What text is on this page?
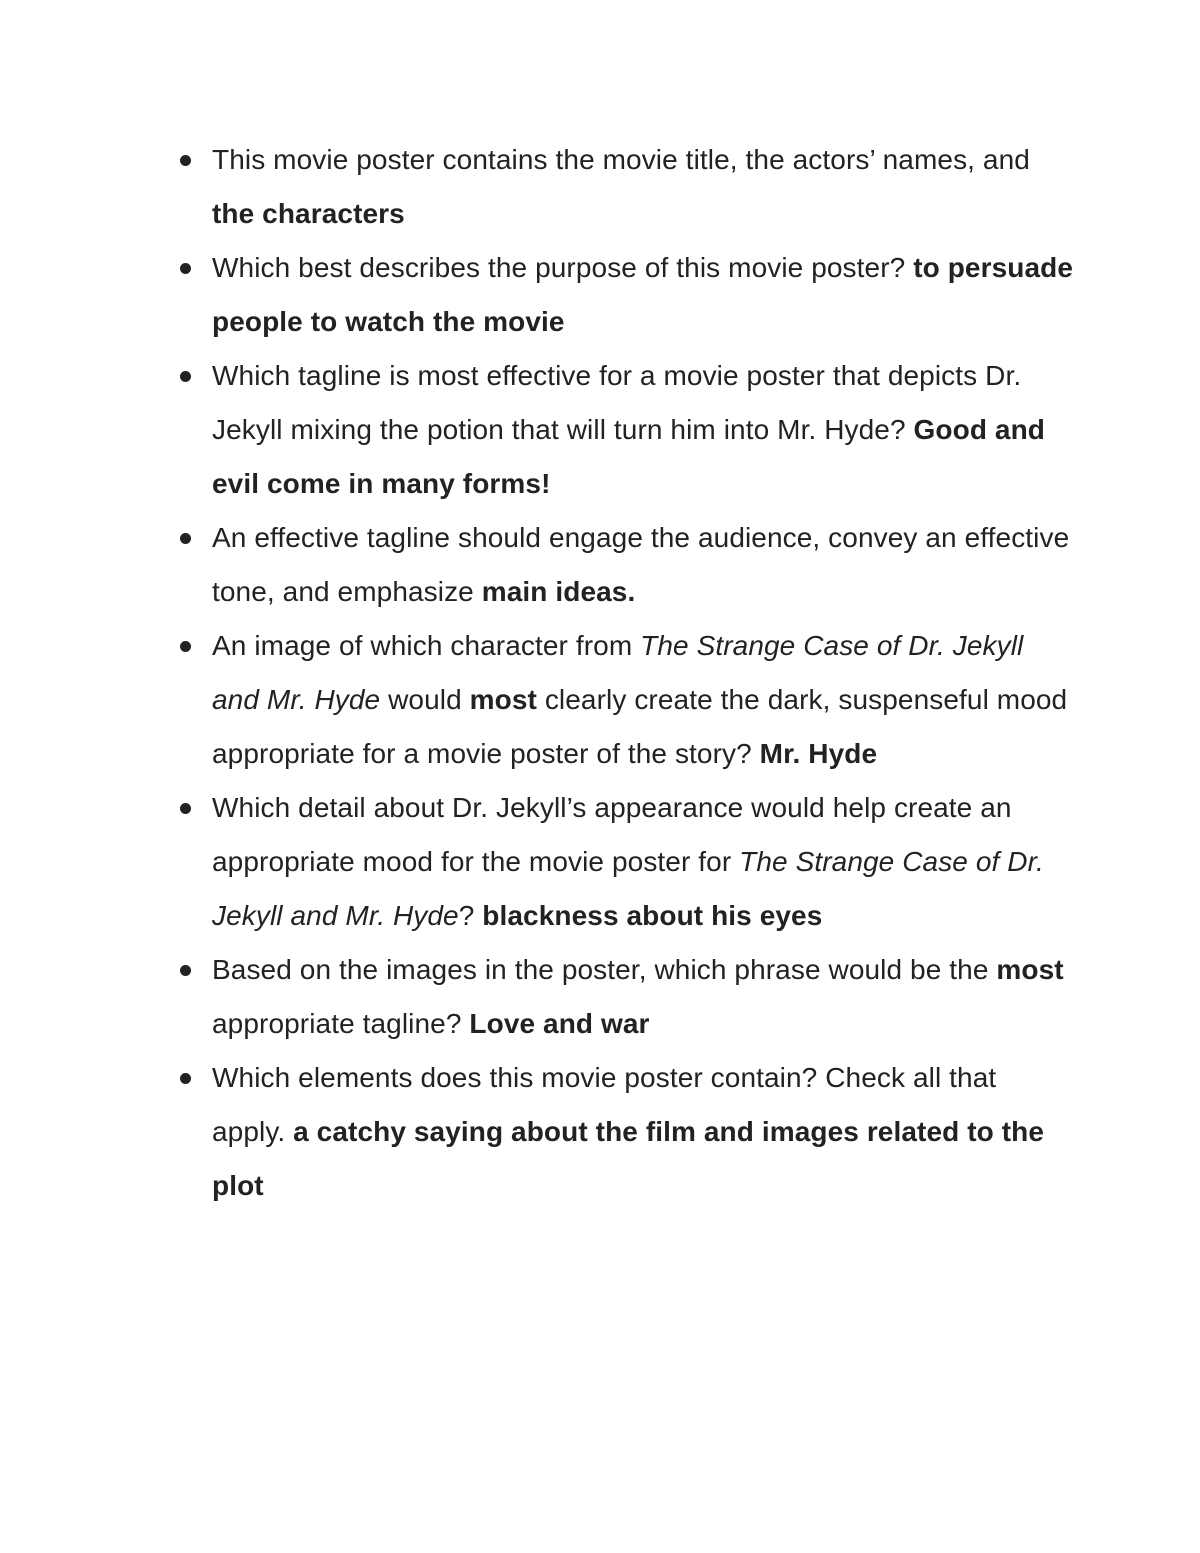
This movie poster contains the movie title, the actors’ names, and the characters
Which best describes the purpose of this movie poster? to persuade people to watch the movie
Which tagline is most effective for a movie poster that depicts Dr. Jekyll mixing the potion that will turn him into Mr. Hyde? Good and evil come in many forms!
An effective tagline should engage the audience, convey an effective tone, and emphasize main ideas.
An image of which character from The Strange Case of Dr. Jekyll and Mr. Hyde would most clearly create the dark, suspenseful mood appropriate for a movie poster of the story? Mr. Hyde
Which detail about Dr. Jekyll’s appearance would help create an appropriate mood for the movie poster for The Strange Case of Dr. Jekyll and Mr. Hyde? blackness about his eyes
Based on the images in the poster, which phrase would be the most appropriate tagline? Love and war
Which elements does this movie poster contain? Check all that apply. a catchy saying about the film and images related to the plot
